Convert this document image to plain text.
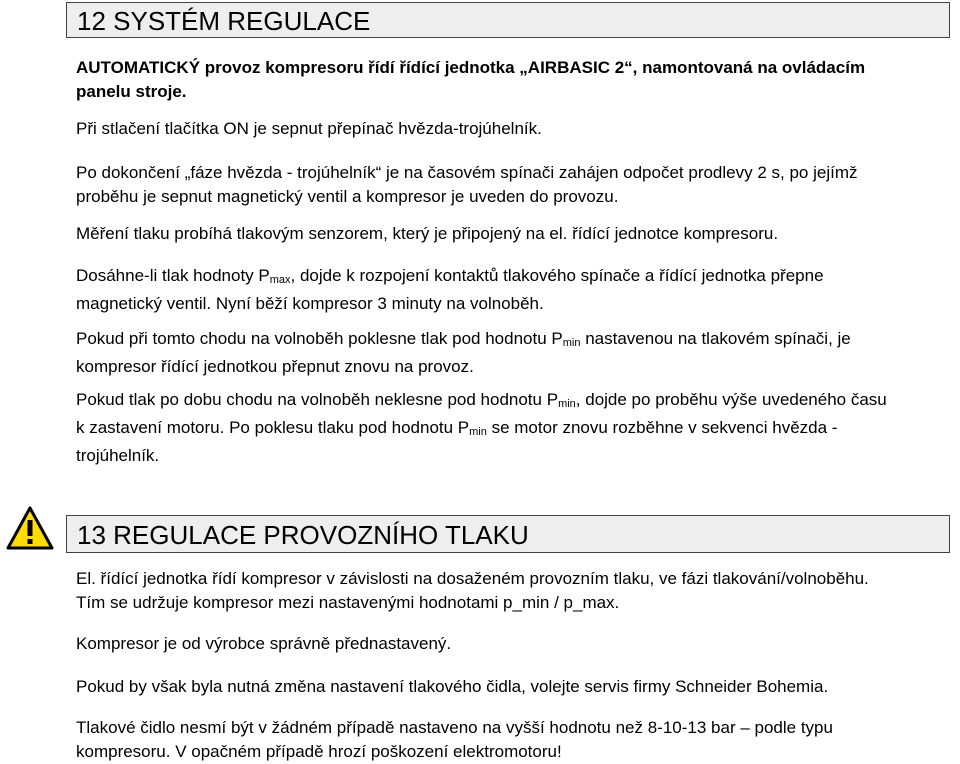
12 SYSTÉM REGULACE

AUTOMATICKÝ provoz kompresoru řídí řídící jednotka „AIRBASIC 2“, namontovaná na ovládacím
panelu stroje.

Při stlačení tlačítka ON je sepnut přepínač hvězda-trojúhelník.

Po dokončení „fáze hvězda - trojúhelník“ je na časovém spínači zahájen odpočet prodlevy 2 s, po jejímž
proběhu je sepnut magnetický ventil a kompresor je uveden do provozu.

Měření tlaku probíhá tlakovým senzorem, který je připojený na el. řídící jednotce kompresoru.

Dosáhne-li tlak hodnoty $P_{max}$, dojde k rozpojení kontaktů tlakového spínače a řídící jednotka přepne
magnetický ventil. Nyní běží kompresor 3 minuty na volnoběh.

Pokud při tomto chodu na volnoběh poklesne tlak pod hodnotu $P_{min}$ nastavenou na tlakovém spínači, je
kompresor řídící jednotkou přepnut znovu na provoz.

Pokud tlak po dobu chodu na volnoběh neklesne pod hodnotu $P_{min}$, dojde po proběhu výše uvedeného času
k zastavení motoru. Po poklesu tlaku pod hodnotu $P_{min}$ se motor znovu rozběhne v sekvenci hvězda -
trojúhelník.

13 REGULACE PROVOZNÍHO TLAKU

El. řídící jednotka řídí kompresor v závislosti na dosaženém provozním tlaku, ve fázi tlakování/volnoběhu.
Tím se udržuje kompresor mezi nastavenými hodnotami p_min / p_max.

Kompresor je od výrobce správně přednastavený.

Pokud by však byla nutná změna nastavení tlakového čidla, volejte servis firmy Schneider Bohemia.

Tlakové čidlo nesmí být v žádném případě nastaveno na vyšší hodnotu než 8-10-13 bar – podle typu
kompresoru. V opačném případě hrozí poškození elektromotoru!
